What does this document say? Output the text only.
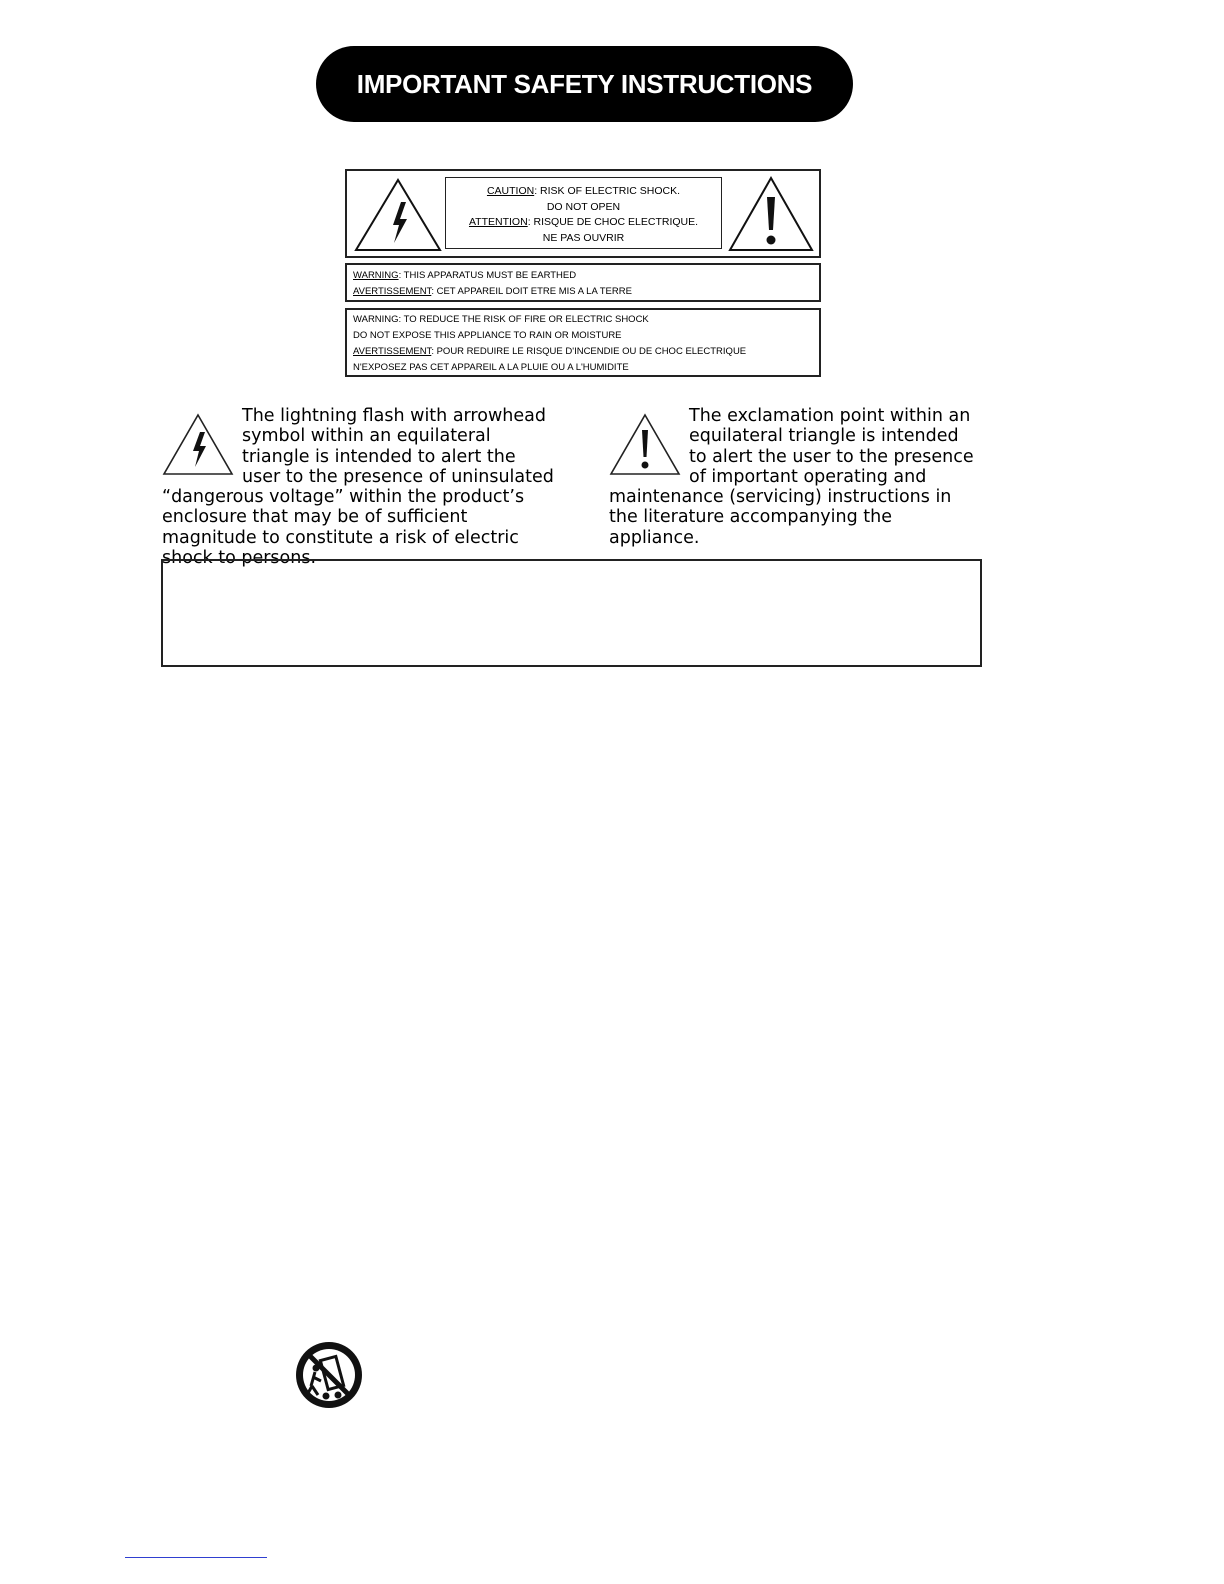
IMPORTANT SAFETY INSTRUCTIONS
CAUTION: RISK OF ELECTRIC SHOCK.
DO NOT OPEN
ATTENTION: RISQUE DE CHOC ELECTRIQUE.
NE PAS OUVRIR
WARNING: THIS APPARATUS MUST BE EARTHED
AVERTISSEMENT: CET APPAREIL DOIT ETRE MIS A LA TERRE
WARNING: TO REDUCE THE RISK OF FIRE OR ELECTRIC SHOCK
DO NOT EXPOSE THIS APPLIANCE TO RAIN OR MOISTURE
AVERTISSEMENT: POUR REDUIRE LE RISQUE D'INCENDIE OU DE CHOC ELECTRIQUE
N'EXPOSEZ PAS CET APPAREIL A LA PLUIE OU A L'HUMIDITE
The lightning flash with arrowhead symbol within an equilateral triangle is intended to alert the user to the presence of uninsulated “dangerous voltage” within the product’s enclosure that may be of sufficient magnitude to constitute a risk of electric shock to persons.
The exclamation point within an equilateral triangle is intended to alert the user to the presence of important operating and maintenance (servicing) instructions in the literature accompanying the appliance.
